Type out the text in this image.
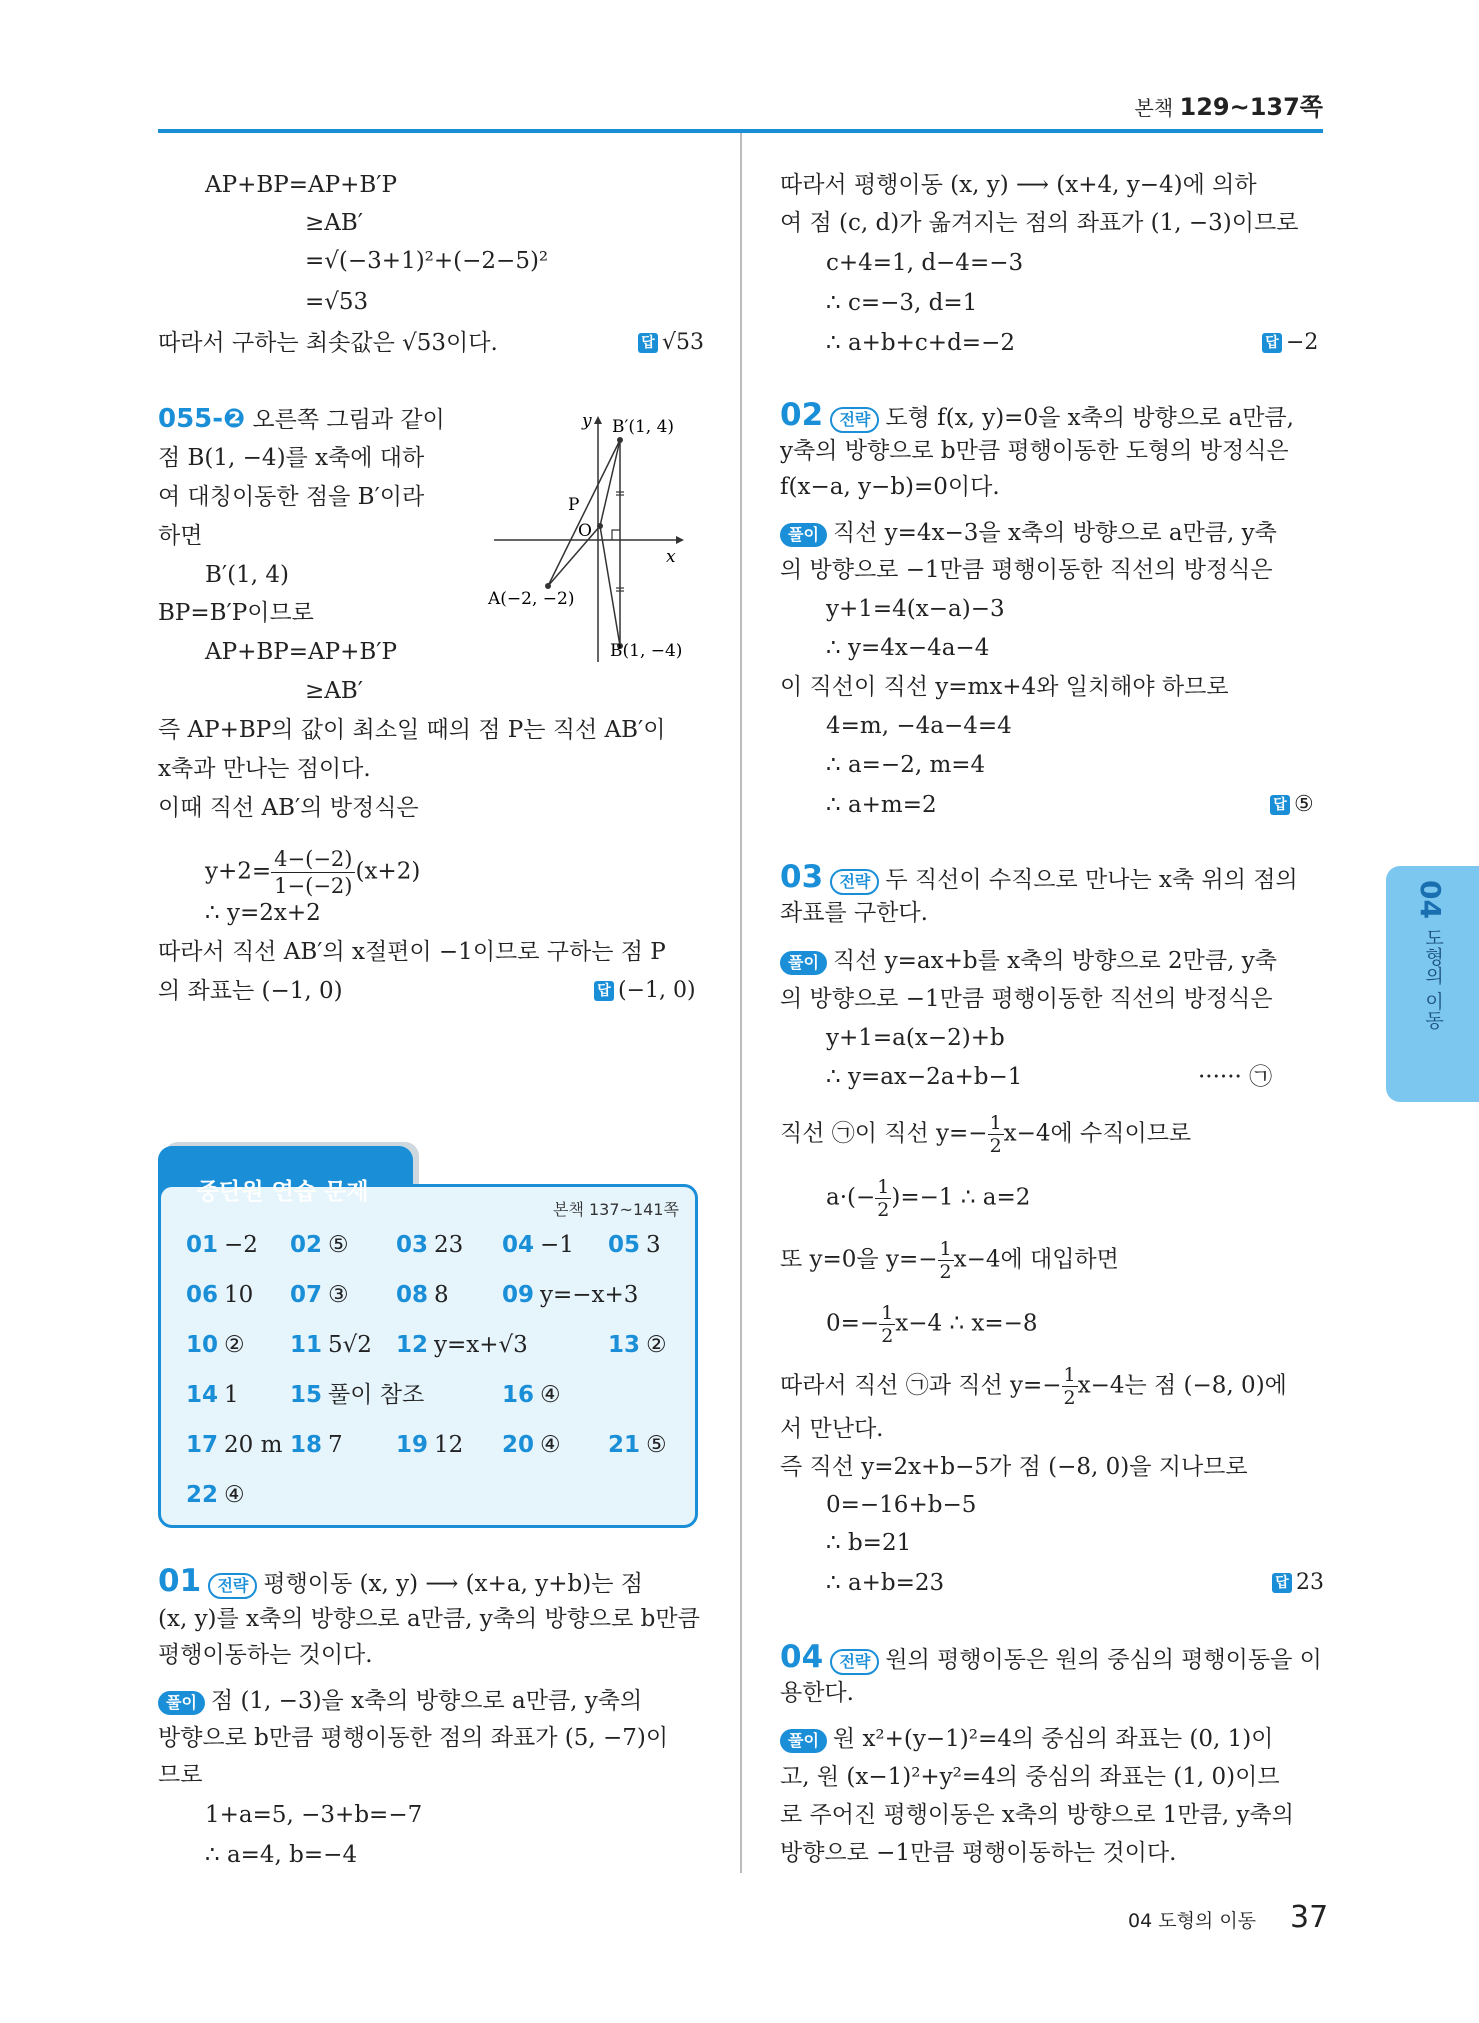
본책 129~137쪽
04
도형의 이동
AP+BP=AP+B′P
≥AB′
=√(−3+1)²+(−2−5)²
=√53
따라서 구하는 최솟값은 √53이다.	답 √53
055-❷ 오른쪽 그림과 같이
점 B(1, −4)를 x축에 대하
여 대칭이동한 점을 B′이라
하면
B′(1, 4)
BP=B′P이므로
AP+BP=AP+B′P
≥AB′
즉 AP+BP의 값이 최소일 때의 점 P는 직선 AB′이
x축과 만나는 점이다.
이때 직선 AB′의 방정식은
$y+2= \frac{4-(-2)}{1-(-2)} (x+2)$
∴ y=2x+2
따라서 직선 AB′의 x절편이 −1이므로 구하는 점 P
의 좌표는 (−1, 0)	답 (−1, 0)
y
x
O
P
B′(1, 4)
A(−2, −2)
B(1, −4)
중단원 연습 문제
본책 137~141쪽
01 −2 02 ⑤ 03 23 04 −1 05 3
06 10 07 ③ 08 8 09 y=−x+3
10 ② 11 5√2 12 y=x+√3	13 ②
14 1 15 풀이 참조	16 ④
17 20 m 18 7 19 12 20 ④ 21 ⑤
22 ④
01 전략 평행이동 (x, y) ⟶ (x+a, y+b)는 점
(x, y)를 x축의 방향으로 a만큼, y축의 방향으로 b만큼
평행이동하는 것이다.
풀이 점 (1, −3)을 x축의 방향으로 a만큼, y축의
방향으로 b만큼 평행이동한 점의 좌표가 (5, −7)이
므로
1+a=5, −3+b=−7
∴ a=4, b=−4
따라서 평행이동 (x, y) ⟶ (x+4, y−4)에 의하
여 점 (c, d)가 옮겨지는 점의 좌표가 (1, −3)이므로
c+4=1, d−4=−3
∴ c=−3, d=1
∴ a+b+c+d=−2	답 −2
02 전략 도형 f(x, y)=0을 x축의 방향으로 a만큼,
y축의 방향으로 b만큼 평행이동한 도형의 방정식은
f(x−a, y−b)=0이다.
풀이 직선 y=4x−3을 x축의 방향으로 a만큼, y축
의 방향으로 −1만큼 평행이동한 직선의 방정식은
y+1=4(x−a)−3
∴ y=4x−4a−4
이 직선이 직선 y=mx+4와 일치해야 하므로
4=m, −4a−4=4
∴ a=−2, m=4
∴ a+m=2	답 ⑤
03 전략 두 직선이 수직으로 만나는 x축 위의 점의
좌표를 구한다.
풀이 직선 y=ax+b를 x축의 방향으로 2만큼, y축
의 방향으로 −1만큼 평행이동한 직선의 방정식은
y+1=a(x−2)+b
∴ y=ax−2a+b−1	······ ㉠
직선 ㉠이 직선 $y=- \frac{1}{2} x-4$에 수직이므로
$a\cdot(- \frac{1}{2} )=-1$ ∴ a=2
또 y=0을 $y=- \frac{1}{2} x-4$에 대입하면
$0=- \frac{1}{2} x-4$ ∴ x=−8
따라서 직선 ㉠과 직선 $y=- \frac{1}{2} x-4$는 점 (−8, 0)에
서 만난다.
즉 직선 y=2x+b−5가 점 (−8, 0)을 지나므로
0=−16+b−5
∴ b=21
∴ a+b=23	답 23
04 전략 원의 평행이동은 원의 중심의 평행이동을 이
용한다.
풀이 원 x²+(y−1)²=4의 중심의 좌표는 (0, 1)이
고, 원 (x−1)²+y²=4의 중심의 좌표는 (1, 0)이므
로 주어진 평행이동은 x축의 방향으로 1만큼, y축의
방향으로 −1만큼 평행이동하는 것이다.
04 도형의 이동 37
